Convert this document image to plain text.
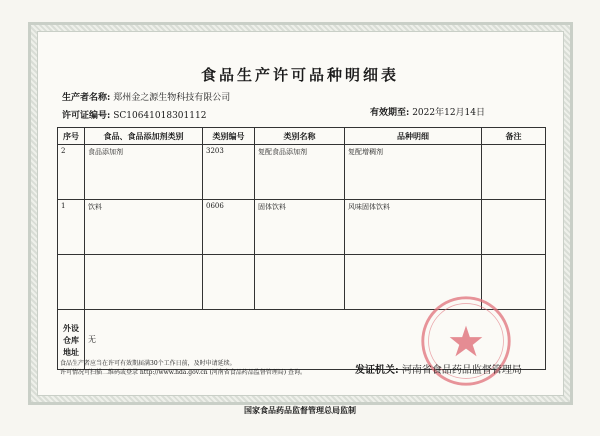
食品生产许可品种明细表
生产者名称: 郑州金之源生物科技有限公司
许可证编号: SC10641018301112	有效期至: 2022年12月14日
序号	食品、食品添加剂类别	类别编号	类别名称	品种明细	备注
2	食品添加剂	3203	复配食品添加剂	复配增稠剂	
1	饮料	0606	固体饮料	风味固体饮料	

外设
仓库
地址	无				
食品生产者应当在许可有效期届满30个工作日前，及时申请延续。
许可情况可扫描二维码或登录 http://www.hda.gov.cn (河南省食品药品监督管理局) 查询。	发证机关: 河南省食品药品监督管理局
国家食品药品监督管理总局监制
